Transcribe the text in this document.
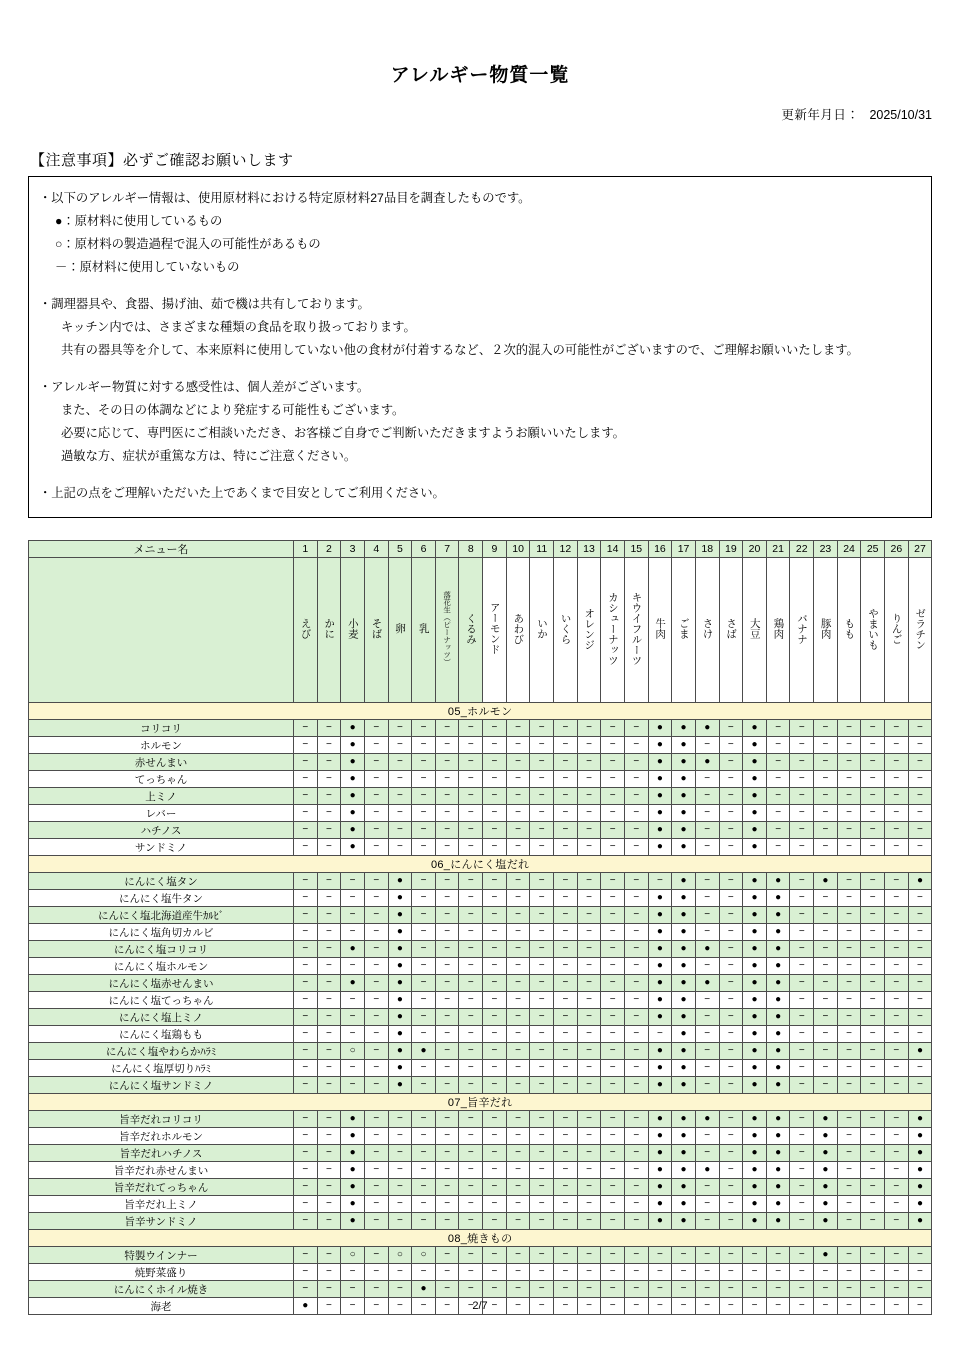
アレルギー物質一覧
更新年月日： 2025/10/31
【注意事項】必ずご確認お願いします
・以下のアレルギー情報は、使用原材料における特定原材料27品目を調査したものです。
●：原材料に使用しているもの
○：原材料の製造過程で混入の可能性があるもの
－：原材料に使用していないもの
・調理器具や、食器、揚げ油、茹で機は共有しております。
キッチン内では、さまざまな種類の食品を取り扱っております。
共有の器具等を介して、本来原料に使用していない他の食材が付着するなど、２次的混入の可能性がございますので、ご理解お願いいたします。
・アレルギー物質に対する感受性は、個人差がございます。
また、その日の体調などにより発症する可能性もございます。
必要に応じて、専門医にご相談いただき、お客様ご自身でご判断いただきますようお願いいたします。
過敏な方、症状が重篤な方は、特にご注意ください。
・上記の点をご理解いただいた上であくまで目安としてご利用ください。
メニュー名	1	2	3	4	5	6	7	8	9	10	11	12	13	14	15	16	17	18	19	20	21	22	23	24	25	26	27
	えび	かに	小麦	そば	卵	乳	落花生（ピーナッツ）	くるみ	アーモンド	あわび	いか	いくら	オレンジ	カシューナッツ	キウイフルーツ	牛肉	ごま	さけ	さば	大豆	鶏肉	バナナ	豚肉	もも	やまいも	りんご	ゼラチン
05_ホルモン																											
コリコリ	−	−	●	−	−	−	−	−	−	−	−	−	−	−	−	●	●	●	−	●	−	−	−	−	−	−	−
ホルモン	−	−	●	−	−	−	−	−	−	−	−	−	−	−	−	●	●	−	−	●	−	−	−	−	−	−	−
赤せんまい	−	−	●	−	−	−	−	−	−	−	−	−	−	−	−	●	●	●	−	●	−	−	−	−	−	−	−
てっちゃん	−	−	●	−	−	−	−	−	−	−	−	−	−	−	−	●	●	−	−	●	−	−	−	−	−	−	−
上ミノ	−	−	●	−	−	−	−	−	−	−	−	−	−	−	−	●	●	−	−	●	−	−	−	−	−	−	−
レバー	−	−	●	−	−	−	−	−	−	−	−	−	−	−	−	●	●	−	−	●	−	−	−	−	−	−	−
ハチノス	−	−	●	−	−	−	−	−	−	−	−	−	−	−	−	●	●	−	−	●	−	−	−	−	−	−	−
サンドミノ	−	−	●	−	−	−	−	−	−	−	−	−	−	−	−	●	●	−	−	●	−	−	−	−	−	−	−
06_にんにく塩だれ																											
にんにく塩タン	−	−	−	−	●	−	−	−	−	−	−	−	−	−	−	−	●	−	−	●	●	−	●	−	−	−	●
にんにく塩牛タン	−	−	−	−	●	−	−	−	−	−	−	−	−	−	−	●	●	−	−	●	●	−	−	−	−	−	−
にんにく塩北海道産牛ｶﾙﾋﾞ	−	−	−	−	●	−	−	−	−	−	−	−	−	−	−	●	●	−	−	●	●	−	−	−	−	−	−
にんにく塩角切カルビ	−	−	−	−	●	−	−	−	−	−	−	−	−	−	−	●	●	−	−	●	●	−	−	−	−	−	−
にんにく塩コリコリ	−	−	●	−	●	−	−	−	−	−	−	−	−	−	−	●	●	●	−	●	●	−	−	−	−	−	−
にんにく塩ホルモン	−	−	−	−	●	−	−	−	−	−	−	−	−	−	−	●	●	−	−	●	●	−	−	−	−	−	−
にんにく塩赤せんまい	−	−	●	−	●	−	−	−	−	−	−	−	−	−	−	●	●	●	−	●	●	−	−	−	−	−	−
にんにく塩てっちゃん	−	−	−	−	●	−	−	−	−	−	−	−	−	−	−	●	●	−	−	●	●	−	−	−	−	−	−
にんにく塩上ミノ	−	−	−	−	●	−	−	−	−	−	−	−	−	−	−	●	●	−	−	●	●	−	−	−	−	−	−
にんにく塩鶏もも	−	−	−	−	●	−	−	−	−	−	−	−	−	−	−	−	●	−	−	●	●	−	−	−	−	−	−
にんにく塩やわらかﾊﾗﾐ	−	−	○	−	●	●	−	−	−	−	−	−	−	−	−	●	●	−	−	●	●	−	−	−	−	−	●
にんにく塩厚切りﾊﾗﾐ	−	−	−	−	●	−	−	−	−	−	−	−	−	−	−	●	●	−	−	●	●	−	−	−	−	−	−
にんにく塩サンドミノ	−	−	−	−	●	−	−	−	−	−	−	−	−	−	−	●	●	−	−	●	●	−	−	−	−	−	−
07_旨辛だれ																											
旨辛だれコリコリ	−	−	●	−	−	−	−	−	−	−	−	−	−	−	−	●	●	●	−	●	●	−	●	−	−	−	●
旨辛だれホルモン	−	−	●	−	−	−	−	−	−	−	−	−	−	−	−	●	●	−	−	●	●	−	●	−	−	−	●
旨辛だれハチノス	−	−	●	−	−	−	−	−	−	−	−	−	−	−	−	●	●	−	−	●	●	−	●	−	−	−	●
旨辛だれ赤せんまい	−	−	●	−	−	−	−	−	−	−	−	−	−	−	−	●	●	●	−	●	●	−	●	−	−	−	●
旨辛だれてっちゃん	−	−	●	−	−	−	−	−	−	−	−	−	−	−	−	●	●	−	−	●	●	−	●	−	−	−	●
旨辛だれ上ミノ	−	−	●	−	−	−	−	−	−	−	−	−	−	−	−	●	●	−	−	●	●	−	●	−	−	−	●
旨辛サンドミノ	−	−	●	−	−	−	−	−	−	−	−	−	−	−	−	●	●	−	−	●	●	−	●	−	−	−	●
08_焼きもの																											
特製ウインナー	−	−	○	−	○	○	−	−	−	−	−	−	−	−	−	−	−	−	−	−	−	−	●	−	−	−	−
焼野菜盛り	−	−	−	−	−	−	−	−	−	−	−	−	−	−	−	−	−	−	−	−	−	−	−	−	−	−	−
にんにくホイル焼き	−	−	−	−	−	●	−	−	−	−	−	−	−	−	−	−	−	−	−	−	−	−	−	−	−	−	−
海老	●	−	−	−	−	−	−	−	−	−	−	−	−	−	−	−	−	−	−	−	−	−	−	−	−	−	−
2/7
